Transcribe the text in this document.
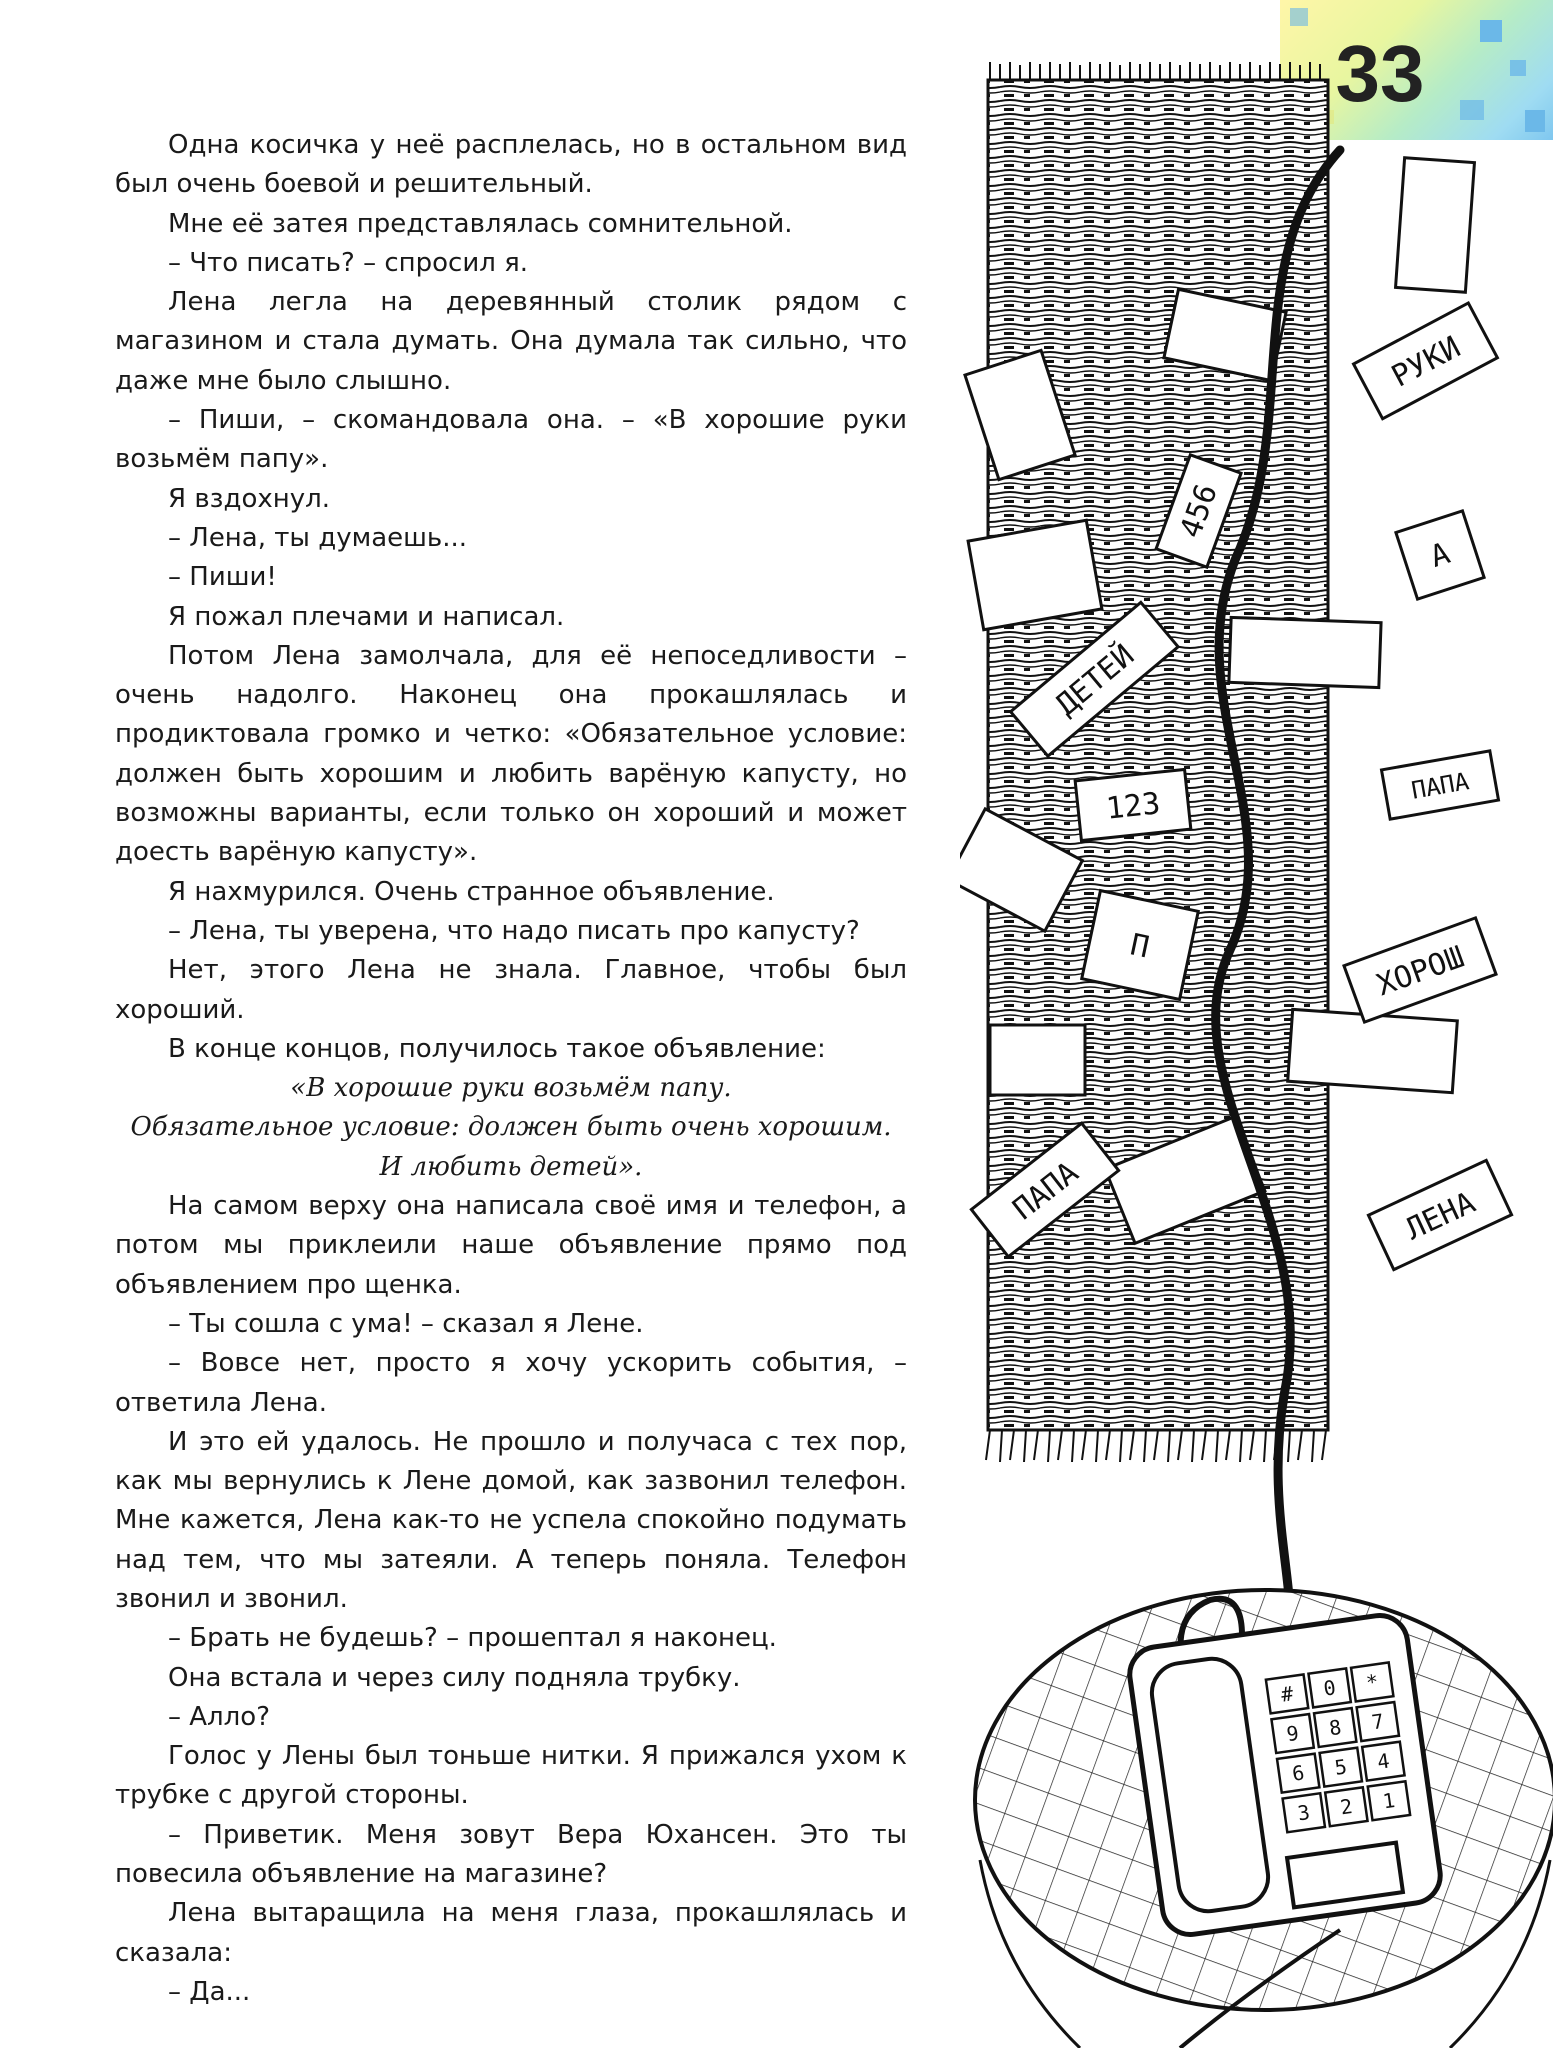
33

Одна косичка у неё расплелась, но в остальном вид был очень боевой и решительный.

Мне её затея представлялась сомнительной.

– Что писать? – спросил я.

Лена легла на деревянный столик рядом с магазином и стала думать. Она думала так сильно, что даже мне было слышно.

– Пиши, – скомандовала она. – «В хорошие руки возьмём папу».

Я вздохнул.

– Лена, ты думаешь...

– Пиши!

Я пожал плечами и написал.

Потом Лена замолчала, для её непоседливости – очень надолго. Наконец она прокашлялась и продиктовала громко и четко: «Обязательное условие: должен быть хорошим и любить варёную капусту, но возможны варианты, если только он хороший и может доесть варёную капусту».

Я нахмурился. Очень странное объявление.

– Лена, ты уверена, что надо писать про капусту?

Нет, этого Лена не знала. Главное, чтобы был хороший.

В конце концов, получилось такое объявление:

«В хорошие руки возьмём папу.

Обязательное условие: должен быть очень хорошим.

И любить детей».

На самом верху она написала своё имя и телефон, а потом мы приклеили наше объявление прямо под объявлением про щенка.

– Ты сошла с ума! – сказал я Лене.

– Вовсе нет, просто я хочу ускорить события, – ответила Лена.

И это ей удалось. Не прошло и получаса с тех пор, как мы вернулись к Лене домой, как зазвонил телефон. Мне кажется, Лена как-то не успела спокойно подумать над тем, что мы затеяли. А теперь поняла. Телефон звонил и звонил.

– Брать не будешь? – прошептал я наконец.

Она встала и через силу подняла трубку.

– Алло?

Голос у Лены был тоньше нитки. Я прижался ухом к трубке с другой стороны.

– Приветик. Меня зовут Вера Юхансен. Это ты повесила объявление на магазине?

Лена вытаращила на меня глаза, прокашлялась и сказала:

– Да...

РУКИ
456
А
ДЕТЕЙ
123
ПАПА
П	ХОРОШ
ПАПА	ЛЕНА
# 0 *
9 8 7
6 5 4
3 2 1
